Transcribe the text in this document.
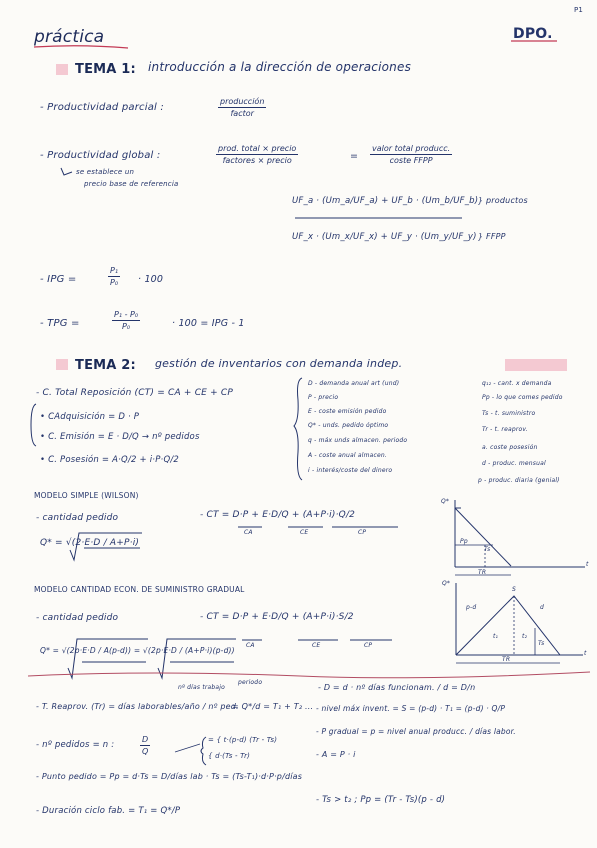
P1
práctica	DPO.
TEMA 1: introducción a la dirección de operaciones
- Productividad parcial :
producción
factor
- Productividad global :
prod. total × precio
factores × precio	=
valor total producc.
coste FFPP
se establece un
precio base de referencia
UF_a · (Um_a/UF_a) + UF_b · (Um_b/UF_b) } productos
UF_x · (Um_x/UF_x) + UF_y · (Um_y/UF_y) } FFPP
- IPG =	$\frac{\text{P₁}}{\text{P₀}} \cdot 100$
- TPG =	$\frac{\text{P₁ - P₀}}{\text{P₀}}$	· 100 = IPG - 1
TEMA 2: gestión de inventarios con demanda indep.
- C. Total Reposición (CT) = CA + CE + CP
• CAdquisición = D · P
• C. Emisión = E · D/Q → nº pedidos
• C. Posesión = A·Q/2 + i·P·Q/2
D - demanda anual art (und)
P - precio
E - coste emisión pedido
Q* - unds. pedido óptimo
q - máx unds almacen. periodo
A - coste anual almacen.
i - interés/coste del dinero
q₁₂ - cant. x demanda
Pp - lo que comes pedido
Ts - t. suministro
Tr - t. reaprov.
a. coste posesión
d - produc. mensual
p - produc. diaria (genial)
MODELO SIMPLE (WILSON)
- cantidad pedido
Q* = √(2·E·D / A+P·i)
- CT = D·P + E·D/Q + (A+P·i)·Q/2
CA	CE	CP
Q*
t
Pp
Ts
TR
MODELO CANTIDAD ECON. DE SUMINISTRO GRADUAL
- cantidad pedido	- CT = D·P + E·D/Q + (A+P·i)·S/2
CA	CE	CP
Q* = √(2p·E·D / A(p-d)) = √(2p·E·D / (A+P·i)(p-d))
Q*
t
S
p-d	d
t₁	t₂
Ts
TR
nº días trabajo
periodo
- T. Reaprov. (Tr) = días laborables/año / nº ped.
= Q*/d = T₁ + T₂ ...
- nº pedidos = n :	$\frac{D}{Q}$	= { t·(p-d) (Tr - Ts)
{ d·(Ts - Tr)
- Punto pedido = Pp = d·Ts = D/días lab · Ts = (Ts-T₁)·d·P·p/días
- Duración ciclo fab. = T₁ = Q*/P
- D = d · nº días funcionam. / d = D/n
- nivel máx invent. = S = (p-d) · T₁ = (p-d) · Q/P
- P gradual = p = nivel anual producc. / días labor.
- A = P · i
- Ts > t₂ ; Pp = (Tr - Ts)(p - d)
